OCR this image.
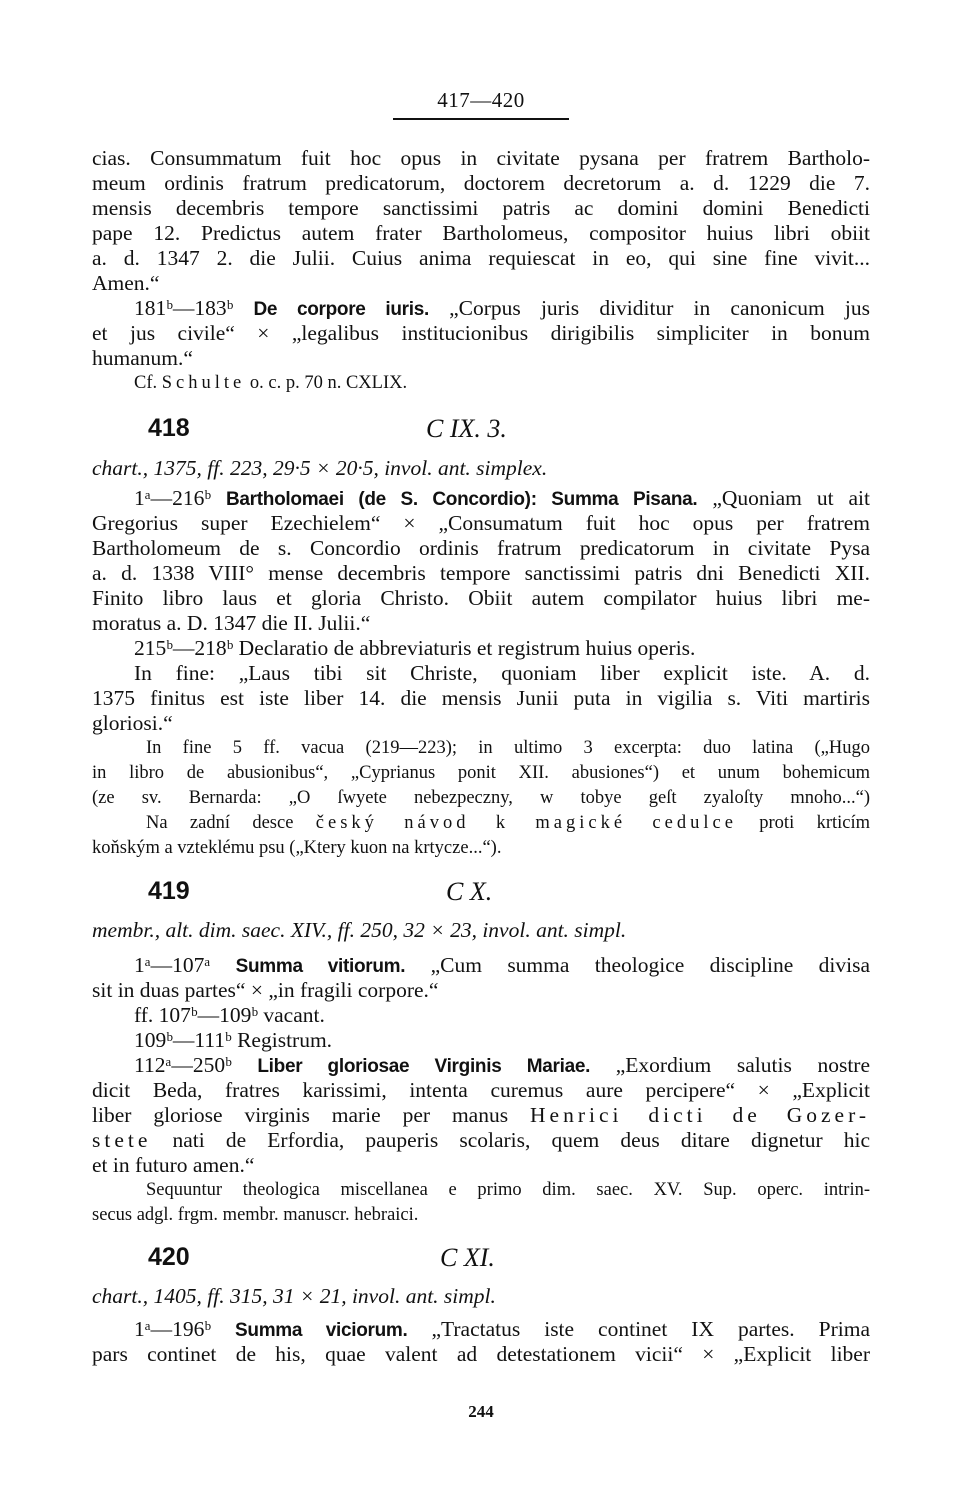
417—420

cias. Consummatum fuit hoc opus in civitate pysana per fratrem Bartholo-

meum ordinis fratrum predicatorum, doctorem decretorum a. d. 1229 die 7.

mensis decembris tempore sanctissimi patris ac domini domini Benedicti

pape 12. Predictus autem frater Bartholomeus, compositor huius libri obiit

a. d. 1347 2. die Julii. Cuius anima requiescat in eo, qui sine fine vivit...

Amen.“

181ᵇ—183ᵇ De corpore iuris. „Corpus juris dividitur in canonicum jus

et jus civile“ × „legalibus institucionibus dirigibilis simpliciter in bonum

humanum.“

Cf. Schulte o. c. p. 70 n. CXLIX.

418	C IX. 3.
chart., 1375, ff. 223, 29·5 × 20·5, invol. ant. simplex.

1ᵃ—216ᵇ Bartholomaei (de S. Concordio): Summa Pisana. „Quoniam ut ait

Gregorius super Ezechielem“ × „Consumatum fuit hoc opus per fratrem

Bartholomeum de s. Concordio ordinis fratrum predicatorum in civitate Pysa

a. d. 1338 VIII° mense decembris tempore sanctissimi patris dni Benedicti XII.

Finito libro laus et gloria Christo. Obiit autem compilator huius libri me-

moratus a. D. 1347 die II. Julii.“

215ᵇ—218ᵇ Declaratio de abbreviaturis et registrum huius operis.

In fine: „Laus tibi sit Christe, quoniam liber explicit iste. A. d.

1375 finitus est iste liber 14. die mensis Junii puta in vigilia s. Viti martiris

gloriosi.“

In fine 5 ff. vacua (219—223); in ultimo 3 excerpta: duo latina („Hugo

in libro de abusionibus“, „Cyprianus ponit XII. abusiones“) et unum bohemicum

(ze sv. Bernarda: „O ſwyete nebezpeczny, w tobye geſt zyaloſty mnoho...“)

Na zadní desce český návod k magické cedulce proti krticím

koňským a vzteklému psu („Ktery kuon na krtycze...“).

419	C X.
membr., alt. dim. saec. XIV., ff. 250, 32 × 23, invol. ant. simpl.

1ᵃ—107ᵃ Summa vitiorum. „Cum summa theologice discipline divisa

sit in duas partes“ × „in fragili corpore.“

ff. 107ᵇ—109ᵇ vacant.

109ᵇ—111ᵇ Registrum.

112ᵃ—250ᵇ Liber gloriosae Virginis Mariae. „Exordium salutis nostre

dicit Beda, fratres karissimi, intenta curemus aure percipere“ × „Explicit

liber gloriose virginis marie per manus Henrici dicti de Gozer-

stete nati de Erfordia, pauperis scolaris, quem deus ditare dignetur hic

et in futuro amen.“

Sequuntur theologica miscellanea e primo dim. saec. XV. Sup. operc. intrin-

secus adgl. frgm. membr. manuscr. hebraici.

420	C XI.
chart., 1405, ff. 315, 31 × 21, invol. ant. simpl.

1ᵃ—196ᵇ Summa viciorum. „Tractatus iste continet IX partes. Prima

pars continet de his, quae valent ad detestationem vicii“ × „Explicit liber

244
